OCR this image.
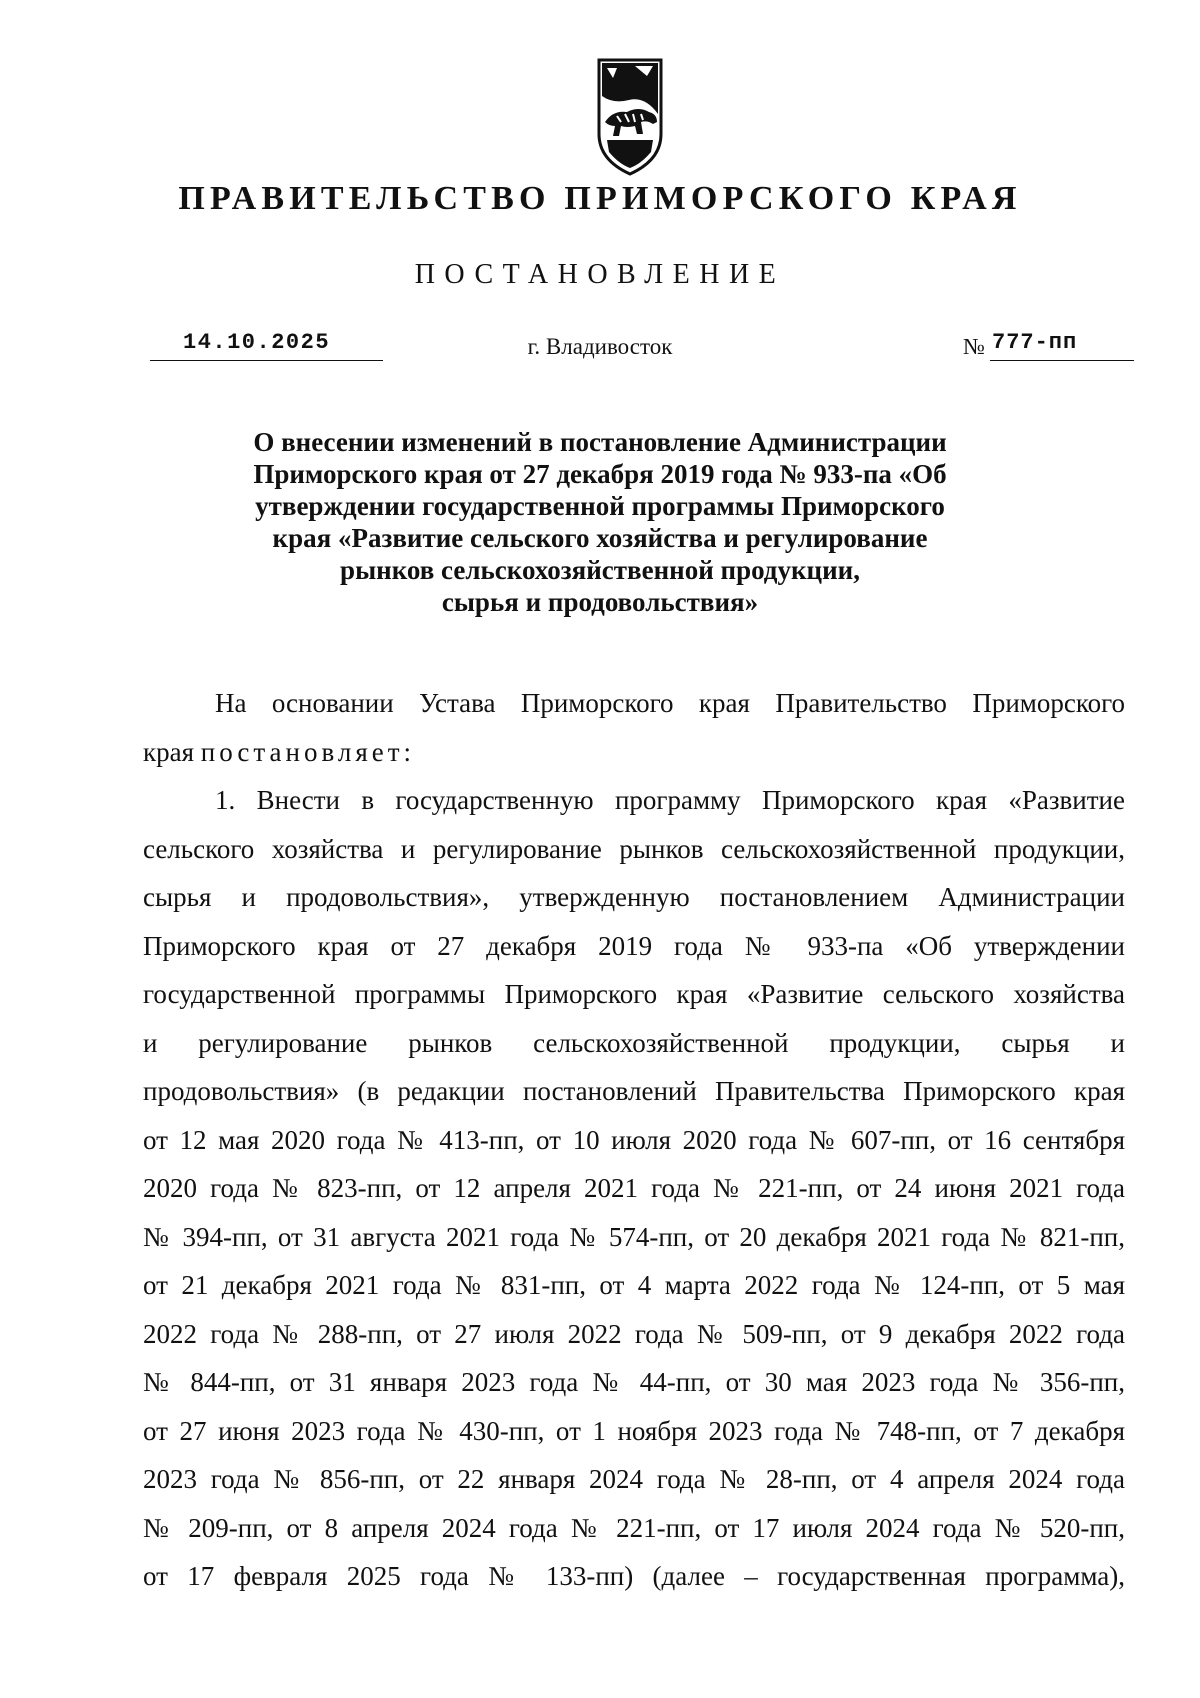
ПРАВИТЕЛЬСТВО ПРИМОРСКОГО КРАЯ
ПОСТАНОВЛЕНИЕ
14.10.2025	г. Владивосток	№ 777-пп
О внесении изменений в постановление Администрации
Приморского края от 27 декабря 2019 года № 933-па «Об
утверждении государственной программы Приморского
края «Развитие сельского хозяйства и регулирование
рынков сельскохозяйственной продукции,
сырья и продовольствия»
На основании Устава Приморского края Правительство Приморского
края постановляет:
1. Внести в государственную программу Приморского края «Развитие
сельского хозяйства и регулирование рынков сельскохозяйственной продукции,
сырья и продовольствия», утвержденную постановлением Администрации
Приморского края от 27 декабря 2019 года № 933-па «Об утверждении
государственной программы Приморского края «Развитие сельского хозяйства
и регулирование рынков сельскохозяйственной продукции, сырья и
продовольствия» (в редакции постановлений Правительства Приморского края
от 12 мая 2020 года № 413-пп, от 10 июля 2020 года № 607-пп, от 16 сентября
2020 года № 823-пп, от 12 апреля 2021 года № 221-пп, от 24 июня 2021 года
№ 394-пп, от 31 августа 2021 года № 574-пп, от 20 декабря 2021 года № 821-пп,
от 21 декабря 2021 года № 831-пп, от 4 марта 2022 года № 124-пп, от 5 мая
2022 года № 288-пп, от 27 июля 2022 года № 509-пп, от 9 декабря 2022 года
№ 844-пп, от 31 января 2023 года № 44-пп, от 30 мая 2023 года № 356-пп,
от 27 июня 2023 года № 430-пп, от 1 ноября 2023 года № 748-пп, от 7 декабря
2023 года № 856-пп, от 22 января 2024 года № 28-пп, от 4 апреля 2024 года
№ 209-пп, от 8 апреля 2024 года № 221-пп, от 17 июля 2024 года № 520-пп,
от 17 февраля 2025 года № 133-пп) (далее – государственная программа),
